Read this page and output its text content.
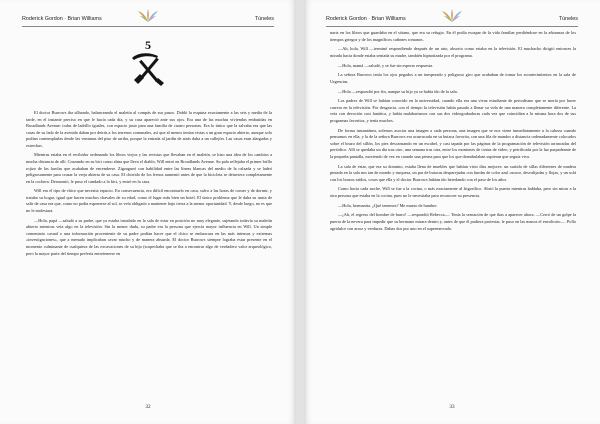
Roderick Gordon · Brian Williams	Túneles
5

El doctor Burrows iba silbando, balanceando el maletín al compás de sus pasos. Dobló la esquina exactamente a las seis y media de la tarde, en el instante preciso en que le hacía cada día, y su casa apareció ante sus ojos. Era una de las muchas viviendas embutidas en Broadlands Avenue: todas de ladrillo iguales, con espacio justo para una familia de cuatro personas. Era lo único que la salvaba era que las casas de su lado de la avenida daban por detrás a los terrenos comunales, así que al menos tenían vistas a un gran espacio abierto, aunque solo podían contemplarlas desde las ventanas del piso de arriba, porque la entrada al jardín de atrás daba a un callejón. Las casas eran alargadas y estrechas.

Mientras estaba en el recibidor ordenando los libros viejos y las revistas que llevaban en el maletín, se hizo una idea de los cambios a mucha distancia de allí. Cruzando en su bici como alma que lleva el diablo, Will entró en Broadlands Avenue. Su pala reflejaba el primer brillo rojizo de las farolas que acababan de encenderse. Zigzagueó con habilidad entre las líneas blancas del medio de la calzada y se ladeó peligrosamente para cruzar la verja abierta de su casa. El chirrido de los frenos aumentó antes de que la bicicleta se detuviera completamente en la cochera. Desmontó, le puso el candado a la bici, y entró en la casa.

Will era el tipo de chico que necesita espacio. En consecuencia, era difícil encontrarlo en casa, salvo a las horas de comer y de dormir, y tratabа su hogar, igual que hacen muchos chavales de su edad, como el lugar más bien un hotel. El único problema que le daba su ansia de salir de casa era que, como no podía esponerse al sol, se veía obligado a mantener bajo tierra a la menor oportunidad. Y, desde luego, no es que no le molestara.

—Hola, papá —saludó a su padre, que ya estaba instalado en la sala de estar en posición no muy elegante, sujetando todavía su maletín abierto mientras veía algo en la televisión. Sin la menor duda, su padre era la persona que ejercía mayor influencia en Will. Un simple comentario casual o una información proveniente de su padre podían hacer que el chico se embarcara en las más intensas y extremas «investigaciones», que a menudo implicaban cavar mucho y de manera absurda. El doctor Burrows siempre lograba estar presente en el momento culminante de cualquiera de las excavaciones de su hijo (sospechaba que se iba a encontrar algo de verdadero valor arqueológico, pero la mayor parte del tiempo prefería entretenerse en

32
Roderick Gordon · Brian Williams	Túneles

nariz en los libros que guardaba en el sótano, que era su refugio. En él podía escapar de la vida familiar perdiéndose en la añoranza de los tiempos griegos y de los magníficos cañones romanos.

—Ah, hola, Will —terminó respondiendo después de un rato, absorto como estaba en la televisión. El muchacho dirigió entonces la mirada hacia donde estaba sentada su madre, también hipnotizada por el programa.

—Hola, mamá —saludó, y se fue sin esperar respuesta.

La señora Burrows tenía los ojos pegados a un inesperado y peligroso giro que acababan de tomar los acontecimientos en la sala de Urgencias.

—Hola —respondió por fin, aunque su hijo ya se había ido de la sala.

Los padres de Will se habían conocido en la universidad, cuando ella era una vivaz estudiante de periodismo que se moría por hacer carrera en la televisión. Por desgracia, con el tiempo la televisión había pasado a llenar su vida de una manera completamente diferente. La veía con devoción casi fanática, y había malabarismos con sus dos videograbadoras cada vez que coincidían a la misma hora dos de sus programas favoritos, y tenía muchos.

De forma instantánea, solemos asociar una imagen a cada persona, una imagen que se nos viene inmediatamente a la cabeza cuando pensamos en ella, y la de la señora Burrows era acurrucada en su butaca favorita, con una fila de mandos a distancia ordenadamente colocados sobre el brazo del sillón, los pies descansando en un escabel, y casi tapada por las páginas de la programación de televisión arrancadas del periódico. Allí se quedaba un día tras otro, una semana tras otra, entre los montones de cintas de vídeo, y petrificada por la luz parpadeante de la pequeña pantalla, moviendo de vez en cuando una pierna para que los que deambulaban supieran que seguía viva.

La sala de estar, que era su dominio, estaba llena de muebles que habían visto días mejores: un surtido de sillas diferentes de madera pintada en la sala nos tan de mondo y turquesa, un par de butacas desparejadas con fundas de color azul oscuro, desvalijadas y flojas, y un sofá con los brazos raídos, cosas que ella y el doctor Burrows habían ido heredando con el paso de los años.

Como hacía cada noche, Will se fue a la cocina, o más exactamente al frigorífico. Abrió la puerta mientras hablaba, pero sin mirar a la otra persona que estaba en la cocina, pues no le necesitaba para reconocer su presencia.

—Hola, hermanita. ¿Qué tenemos? Me muero de hambre.

—¡Ah, el regreso del hombre de barro! —respondió Rebecca—. Tenía la sensación de que ibas a aparecer ahora. —Cerró de un golpe la puerta de la nevera para impedir que su hermano mirara dentro y, antes de que él pudiera protestar, le puso en las manos el envoltorio—. Pollo agridulce con arroz y verduras. Dabas dos por uno en el supermercado.

33
